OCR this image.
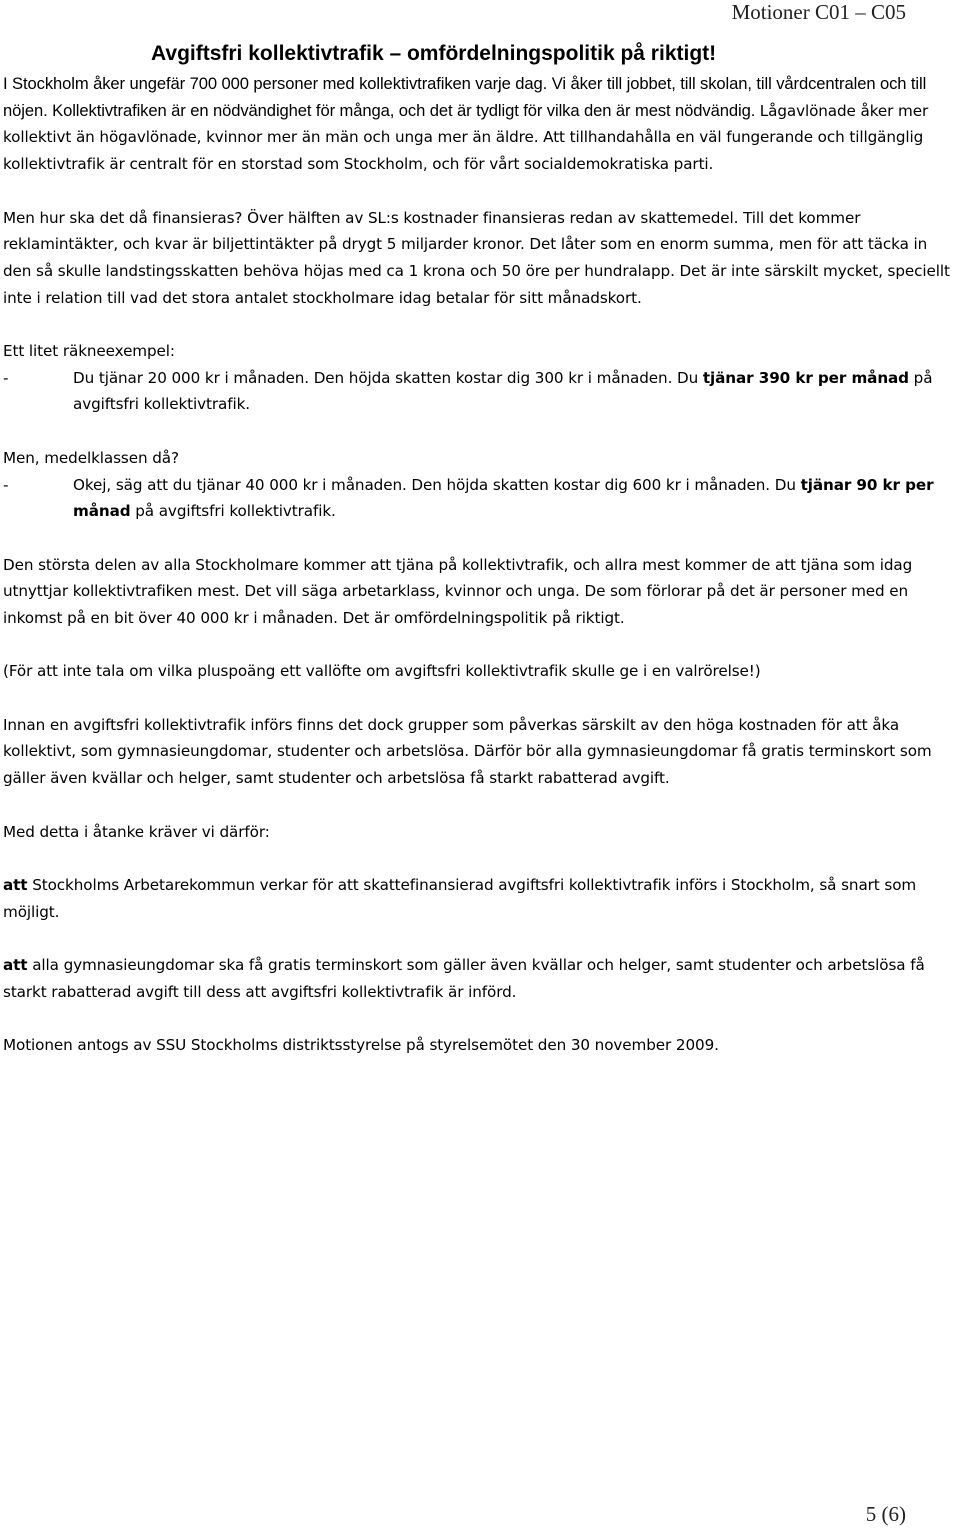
Motioner C01 – C05
Avgiftsfri kollektivtrafik – omfördelningspolitik på riktigt!

I Stockholm åker ungefär 700 000 personer med kollektivtrafiken varje dag. Vi åker till jobbet, till skolan, till vårdcentralen och till nöjen. Kollektivtrafiken är en nödvändighet för många, och det är tydligt för vilka den är mest nödvändig. Lågavlönade åker mer kollektivt än högavlönade, kvinnor mer än män och unga mer än äldre. Att tillhandahålla en väl fungerande och tillgänglig kollektivtrafik är centralt för en storstad som Stockholm, och för vårt socialdemokratiska parti.

Men hur ska det då finansieras? Över hälften av SL:s kostnader finansieras redan av skattemedel. Till det kommer reklamintäkter, och kvar är biljettintäkter på drygt 5 miljarder kronor. Det låter som en enorm summa, men för att täcka in den så skulle landstingsskatten behöva höjas med ca 1 krona och 50 öre per hundralapp. Det är inte särskilt mycket, speciellt inte i relation till vad det stora antalet stockholmare idag betalar för sitt månadskort.

Ett litet räkneexempel:

-	Du tjänar 20 000 kr i månaden. Den höjda skatten kostar dig 300 kr i månaden. Du tjänar 390 kr per månad på avgiftsfri kollektivtrafik.

Men, medelklassen då?

-	Okej, säg att du tjänar 40 000 kr i månaden. Den höjda skatten kostar dig 600 kr i månaden. Du tjänar 90 kr per månad på avgiftsfri kollektivtrafik.

Den största delen av alla Stockholmare kommer att tjäna på kollektivtrafik, och allra mest kommer de att tjäna som idag utnyttjar kollektivtrafiken mest. Det vill säga arbetarklass, kvinnor och unga. De som förlorar på det är personer med en inkomst på en bit över 40 000 kr i månaden. Det är omfördelningspolitik på riktigt.

(För att inte tala om vilka pluspoäng ett vallöfte om avgiftsfri kollektivtrafik skulle ge i en valrörelse!)

Innan en avgiftsfri kollektivtrafik införs finns det dock grupper som påverkas särskilt av den höga kostnaden för att åka kollektivt, som gymnasieungdomar, studenter och arbetslösa. Därför bör alla gymnasieungdomar få gratis terminskort som gäller även kvällar och helger, samt studenter och arbetslösa få starkt rabatterad avgift.

Med detta i åtanke kräver vi därför:

att Stockholms Arbetarekommun verkar för att skattefinansierad avgiftsfri kollektivtrafik införs i Stockholm, så snart som möjligt.

att alla gymnasieungdomar ska få gratis terminskort som gäller även kvällar och helger, samt studenter och arbetslösa få starkt rabatterad avgift till dess att avgiftsfri kollektivtrafik är införd.

Motionen antogs av SSU Stockholms distriktsstyrelse på styrelsemötet den 30 november 2009.

5 (6)
